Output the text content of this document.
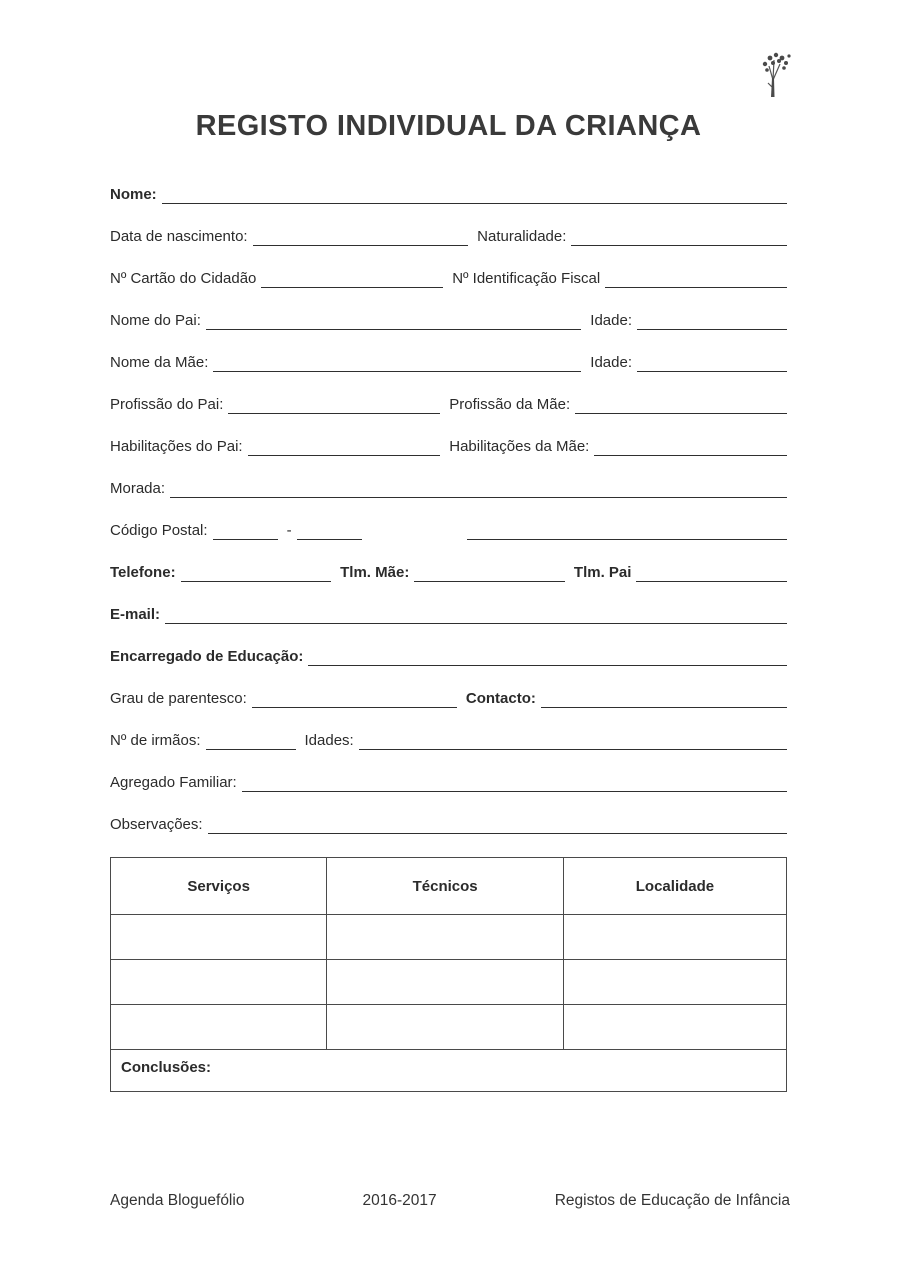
REGISTO INDIVIDUAL DA CRIANÇA
Nome:
Data de nascimento:	Naturalidade:
Nº Cartão do Cidadão	Nº Identificação Fiscal
Nome do Pai:	Idade:
Nome da Mãe:	Idade:
Profissão do Pai:	Profissão da Mãe:
Habilitações do Pai:	Habilitações da Mãe:
Morada:
Código Postal:	-
Telefone:	Tlm. Mãe:	Tlm. Pai
E-mail:
Encarregado de Educação:
Grau de parentesco:	Contacto:
Nº de irmãos:	Idades:
Agregado Familiar:
Observações:
Serviços	Técnicos	Localidade

Conclusões:		
Agenda Bloguefólio	2016-2017	Registos de Educação de Infância
